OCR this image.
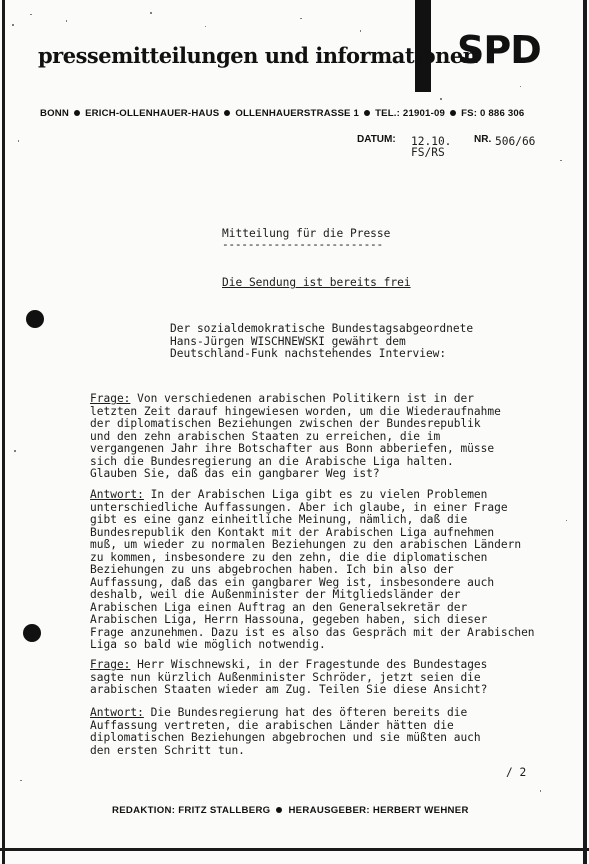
pressemitteilungen und informationen
SPD
BONN ERICH-OLLENHAUER-HAUS OLLENHAUERSTRASSE 1 TEL.: 21901-09 FS: 0 886 306
DATUM: 12.10. NR. 506/66
FS/RS
Mitteilung für die Presse
-------------------------
Die Sendung ist bereits frei
Der sozialdemokratische Bundestagsabgeordnete
Hans-Jürgen WISCHNEWSKI gewährt dem
Deutschland-Funk nachstehendes Interview:
Frage: Von verschiedenen arabischen Politikern ist in der
letzten Zeit darauf hingewiesen worden, um die Wiederaufnahme
der diplomatischen Beziehungen zwischen der Bundesrepublik
und den zehn arabischen Staaten zu erreichen, die im
vergangenen Jahr ihre Botschafter aus Bonn abberiefen, müsse
sich die Bundesregierung an die Arabische Liga halten.
Glauben Sie, daß das ein gangbarer Weg ist?
Antwort: In der Arabischen Liga gibt es zu vielen Problemen
unterschiedliche Auffassungen. Aber ich glaube, in einer Frage
gibt es eine ganz einheitliche Meinung, nämlich, daß die
Bundesrepublik den Kontakt mit der Arabischen Liga aufnehmen
muß, um wieder zu normalen Beziehungen zu den arabischen Ländern
zu kommen, insbesondere zu den zehn, die die diplomatischen
Beziehungen zu uns abgebrochen haben. Ich bin also der
Auffassung, daß das ein gangbarer Weg ist, insbesondere auch
deshalb, weil die Außenminister der Mitgliedsländer der
Arabischen Liga einen Auftrag an den Generalsekretär der
Arabischen Liga, Herrn Hassouna, gegeben haben, sich dieser
Frage anzunehmen. Dazu ist es also das Gespräch mit der Arabischen
Liga so bald wie möglich notwendig.
Frage: Herr Wischnewski, in der Fragestunde des Bundestages
sagte nun kürzlich Außenminister Schröder, jetzt seien die
arabischen Staaten wieder am Zug. Teilen Sie diese Ansicht?
Antwort: Die Bundesregierung hat des öfteren bereits die
Auffassung vertreten, die arabischen Länder hätten die
diplomatischen Beziehungen abgebrochen und sie müßten auch
den ersten Schritt tun.
/ 2
REDAKTION: FRITZ STALLBERG HERAUSGEBER: HERBERT WEHNER
